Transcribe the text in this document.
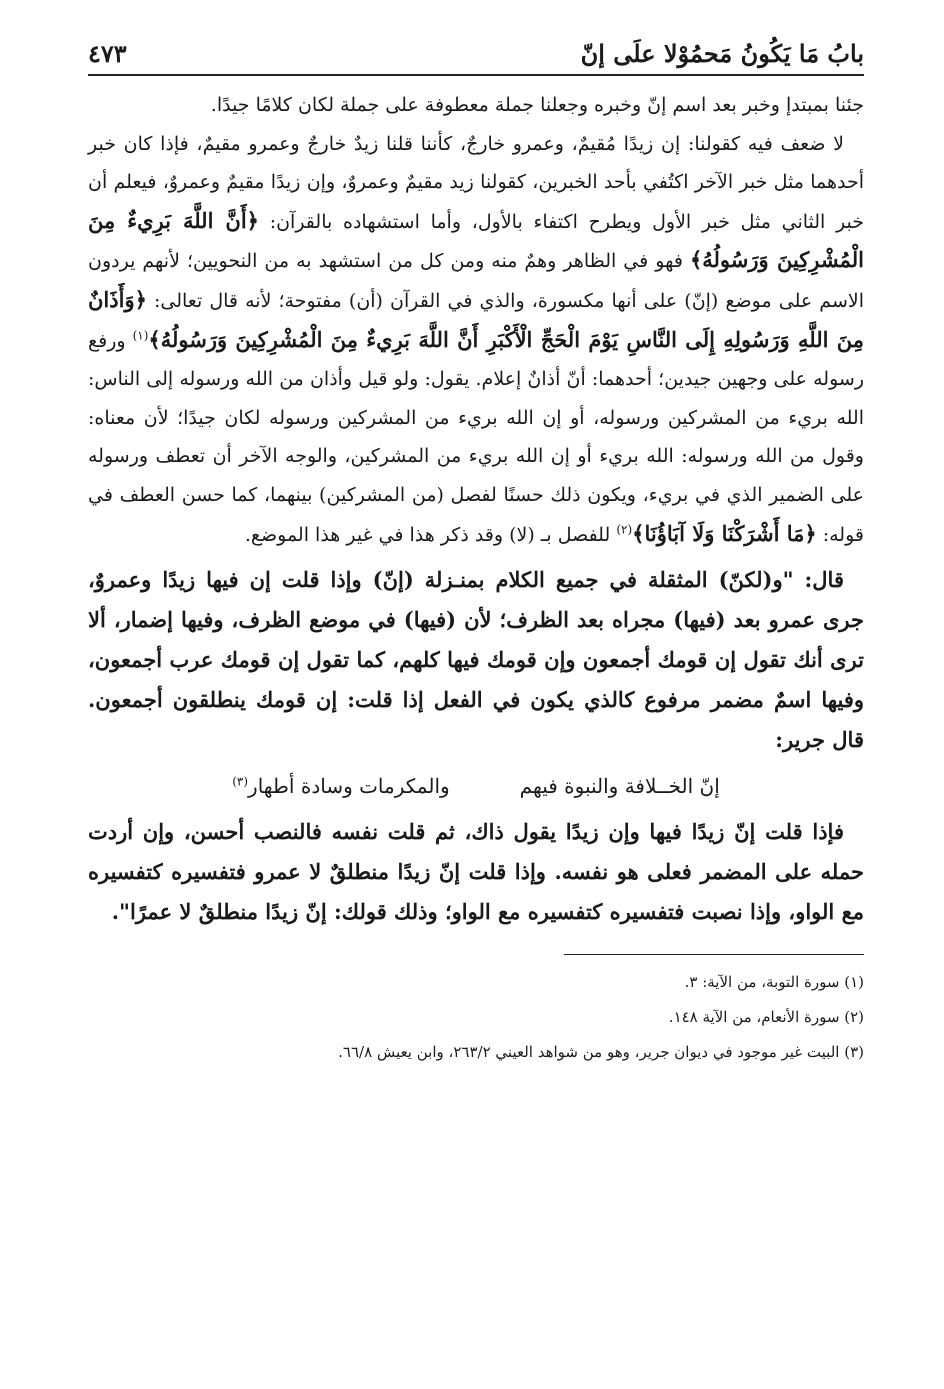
بابُ مَا يَكُونُ مَحمُوْلا علَى إنّ
٤٧٣

جئنا بمبتدإ وخبر بعد اسم إنّ وخبره وجعلنا جملة معطوفة على جملة لكان كلامًا جيدًا.

لا ضعف فيه كقولنا: إن زيدًا مُقيمٌ، وعمرو خارجٌ، كأننا قلنا زيدٌ خارجٌ وعمرو مقيمٌ، فإذا كان خبر أحدهما مثل خبر الآخر اكتُفي بأحد الخبرين، كقولنا زيد مقيمٌ وعمروٌ، وإن زيدًا مقيمٌ وعمروٌ، فيعلم أن خبر الثاني مثل خبر الأول ويطرح اكتفاء بالأول، وأما استشهاده بالقرآن: ﴿أَنَّ اللَّهَ بَرِيءٌ مِنَ الْمُشْرِكِينَ وَرَسُولُهُ﴾ فهو في الظاهر وهمٌ منه ومن كل من استشهد به من النحويين؛ لأنهم يردون الاسم على موضع (إنّ) على أنها مكسورة، والذي في القرآن (أن) مفتوحة؛ لأنه قال تعالى: ﴿وَأَذَانٌ مِنَ اللَّهِ وَرَسُولِهِ إِلَى النَّاسِ يَوْمَ الْحَجِّ الْأَكْبَرِ أَنَّ اللَّهَ بَرِيءٌ مِنَ الْمُشْرِكِينَ وَرَسُولُهُ﴾$^{(١)}$ ورفع رسوله على وجهين جيدين؛ أحدهما: أنّ أذانٌ إعلام. يقول: ولو قيل وأذان من الله ورسوله إلى الناس: الله بريء من المشركين ورسوله، أو إن الله بريء من المشركين ورسوله لكان جيدًا؛ لأن معناه: وقول من الله ورسوله: الله بريء أو إن الله بريء من المشركين، والوجه الآخر أن تعطف ورسوله على الضمير الذي في بريء، ويكون ذلك حسنًا لفصل (من المشركين) بينهما، كما حسن العطف في قوله: ﴿مَا أَشْرَكْنَا وَلَا آبَاؤُنَا﴾$^{(٢)}$ للفصل بـ (لا) وقد ذكر هذا في غير هذا الموضع.

قال: "و(لكنّ) المثقلة في جميع الكلام بمنـزلة (إنّ) وإذا قلت إن فيها زيدًا وعمروٌ، جرى عمرو بعد (فيها) مجراه بعد الظرف؛ لأن (فيها) في موضع الظرف، وفيها إضمار، ألا ترى أنك تقول إن قومك أجمعون وإن قومك فيها كلهم، كما تقول إن قومك عرب أجمعون، وفيها اسمٌ مضمر مرفوع كالذي يكون في الفعل إذا قلت: إن قومك ينطلقون أجمعون. قال جرير:

إنّ الخــلافة والنبوة فيهم
والمكرمات وسادة أطهار$^{(٣)}$

فإذا قلت إنّ زيدًا فيها وإن زيدًا يقول ذاك، ثم قلت نفسه فالنصب أحسن، وإن أردت حمله على المضمر فعلى هو نفسه. وإذا قلت إنّ زيدًا منطلقٌ لا عمرو فتفسيره كتفسيره مع الواو، وإذا نصبت فتفسيره كتفسيره مع الواو؛ وذلك قولك: إنّ زيدًا منطلقٌ لا عمرًا".

(١) سورة التوبة، من الآية: ٣.

(٢) سورة الأنعام، من الآية ١٤٨.

(٣) البيت غير موجود في ديوان جرير، وهو من شواهد العيني ٢٦٣/٢، وابن يعيش ٦٦/٨.
